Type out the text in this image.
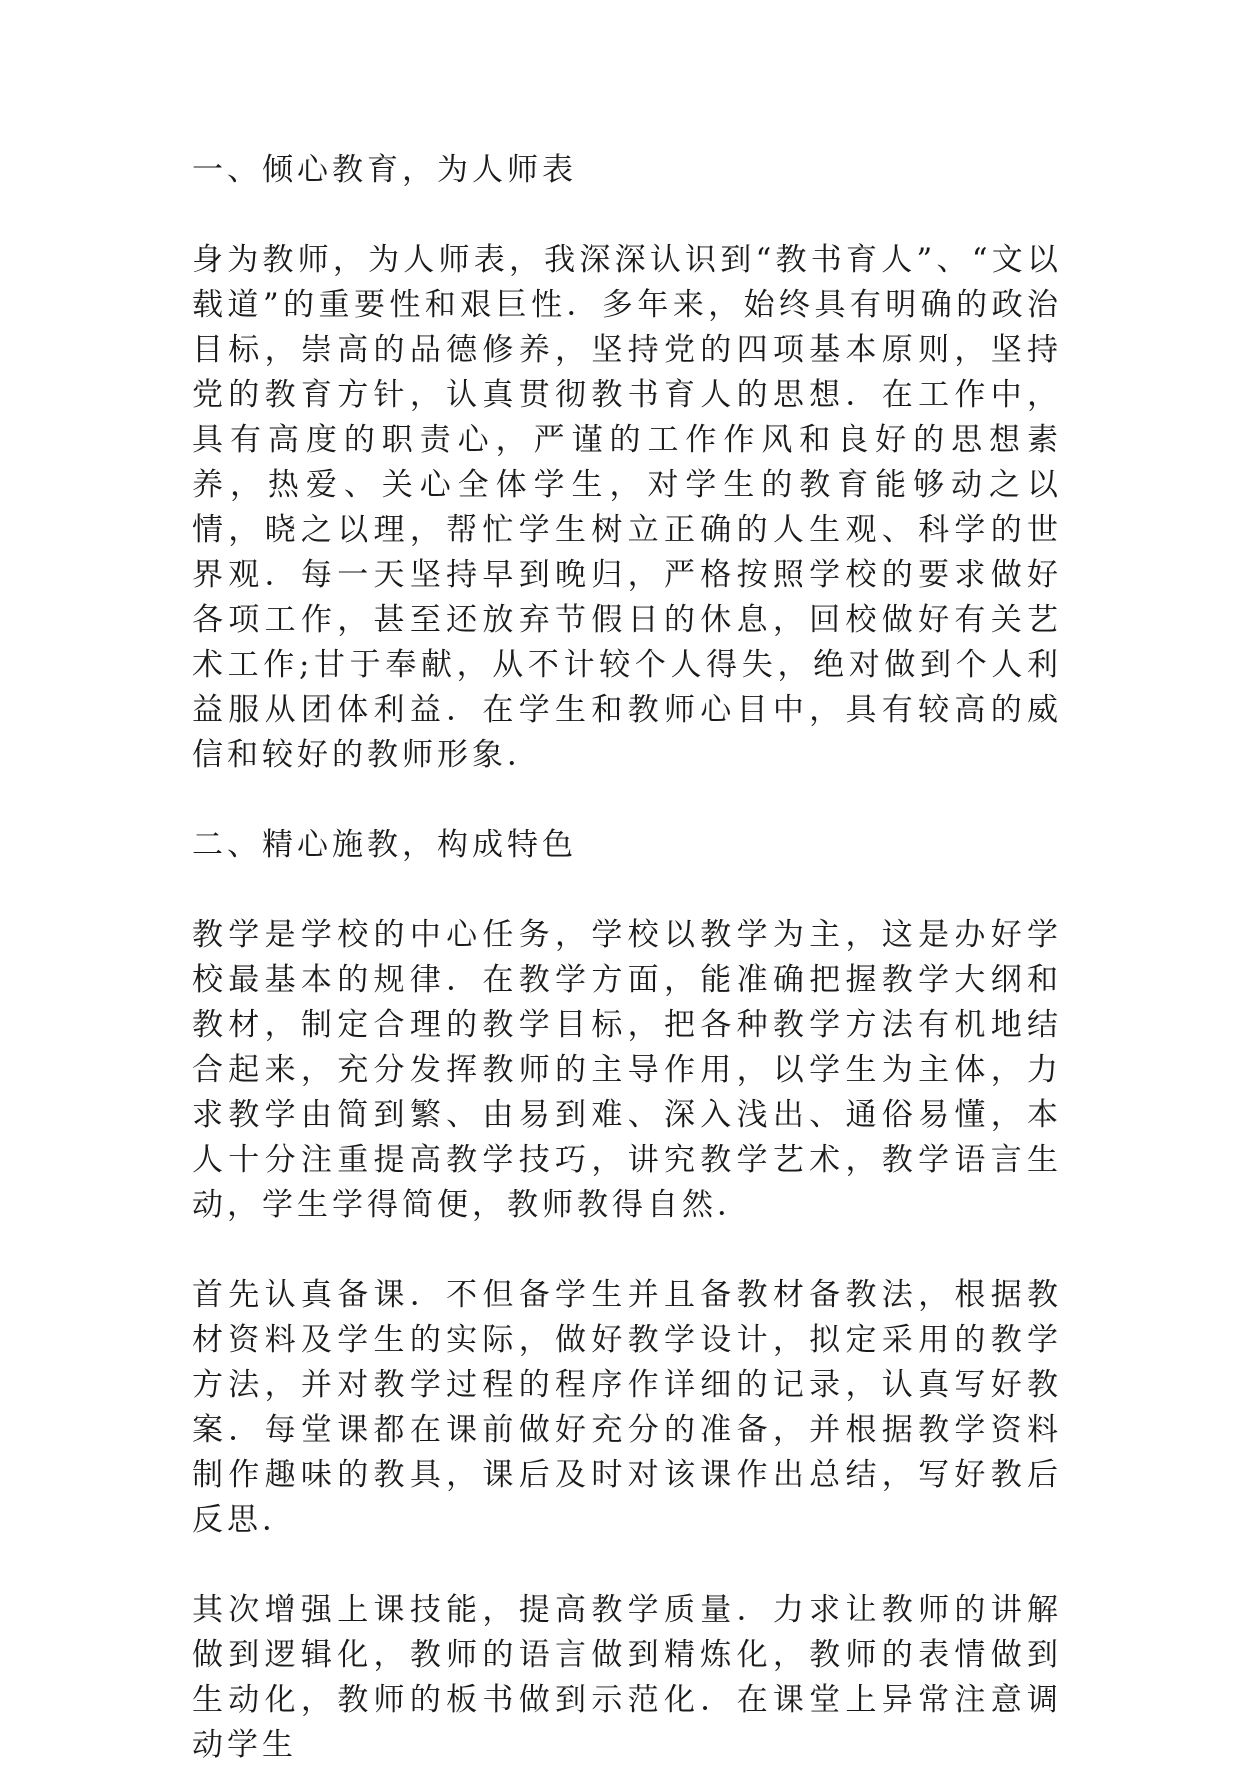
一、倾心教育，为人师表

身为教师，为人师表，我深深认识到“教书育人”、“文以载道”的重要性和艰巨性．多年来，始终具有明确的政治目标，崇高的品德修养，坚持党的四项基本原则，坚持党的教育方针，认真贯彻教书育人的思想．在工作中，具有高度的职责心，严谨的工作作风和良好的思想素养，热爱、关心全体学生，对学生的教育能够动之以情，晓之以理，帮忙学生树立正确的人生观、科学的世界观．每一天坚持早到晚归，严格按照学校的要求做好各项工作，甚至还放弃节假日的休息，回校做好有关艺术工作;甘于奉献，从不计较个人得失，绝对做到个人利益服从团体利益．在学生和教师心目中，具有较高的威信和较好的教师形象．

二、精心施教，构成特色

教学是学校的中心任务，学校以教学为主，这是办好学校最基本的规律．在教学方面，能准确把握教学大纲和教材，制定合理的教学目标，把各种教学方法有机地结合起来，充分发挥教师的主导作用，以学生为主体，力求教学由简到繁、由易到难、深入浅出、通俗易懂，本人十分注重提高教学技巧，讲究教学艺术，教学语言生动，学生学得简便，教师教得自然．

首先认真备课．不但备学生并且备教材备教法，根据教材资料及学生的实际，做好教学设计，拟定采用的教学方法，并对教学过程的程序作详细的记录，认真写好教案．每堂课都在课前做好充分的准备，并根据教学资料制作趣味的教具，课后及时对该课作出总结，写好教后反思．

其次增强上课技能，提高教学质量．力求让教师的讲解做到逻辑化，教师的语言做到精炼化，教师的表情做到生动化，教师的板书做到示范化．在课堂上异常注意调动学生
